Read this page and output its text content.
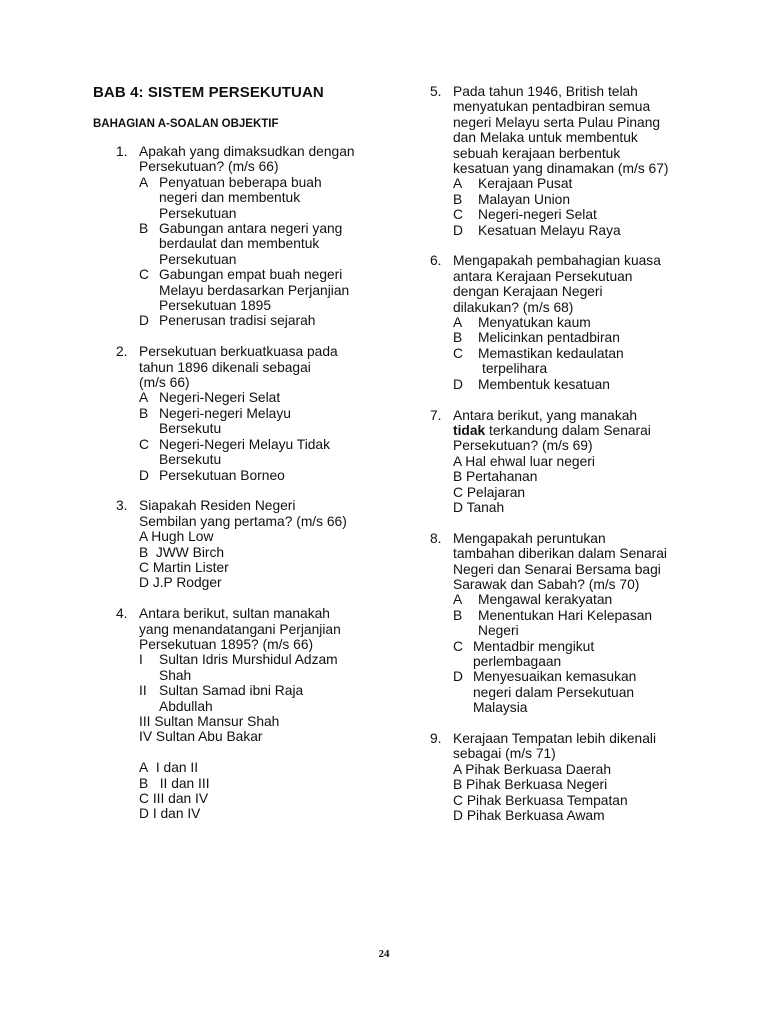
BAB 4: SISTEM PERSEKUTUAN
BAHAGIAN A-SOALAN OBJEKTIF
1. Apakah yang dimaksudkan dengan
Persekutuan? (m/s 66)
A Penyatuan beberapa buah
negeri dan membentuk
Persekutuan
B Gabungan antara negeri yang
berdaulat dan membentuk
Persekutuan
C Gabungan empat buah negeri
Melayu berdasarkan Perjanjian
Persekutuan 1895
D Penerusan tradisi sejarah
2. Persekutuan berkuatkuasa pada
tahun 1896 dikenali sebagai
(m/s 66)
A Negeri-Negeri Selat
B Negeri-negeri Melayu
Bersekutu
C Negeri-Negeri Melayu Tidak
Bersekutu
D Persekutuan Borneo
3. Siapakah Residen Negeri
Sembilan yang pertama? (m/s 66)
A Hugh Low
B JWW Birch
C Martin Lister
D J.P Rodger
4. Antara berikut, sultan manakah
yang menandatangani Perjanjian
Persekutuan 1895? (m/s 66)
I Sultan Idris Murshidul Adzam
Shah
II Sultan Samad ibni Raja
Abdullah
III Sultan Mansur Shah
IV Sultan Abu Bakar
A I dan II
B II dan III
C III dan IV
D I dan IV
5. Pada tahun 1946, British telah
menyatukan pentadbiran semua
negeri Melayu serta Pulau Pinang
dan Melaka untuk membentuk
sebuah kerajaan berbentuk
kesatuan yang dinamakan (m/s 67)
A Kerajaan Pusat
B Malayan Union
C Negeri-negeri Selat
D Kesatuan Melayu Raya
6. Mengapakah pembahagian kuasa
antara Kerajaan Persekutuan
dengan Kerajaan Negeri
dilakukan? (m/s 68)
A Menyatukan kaum
B Melicinkan pentadbiran
C Memastikan kedaulatan
terpelihara
D Membentuk kesatuan
7. Antara berikut, yang manakah
tidak terkandung dalam Senarai
Persekutuan? (m/s 69)
A Hal ehwal luar negeri
B Pertahanan
C Pelajaran
D Tanah
8. Mengapakah peruntukan
tambahan diberikan dalam Senarai
Negeri dan Senarai Bersama bagi
Sarawak dan Sabah? (m/s 70)
A Mengawal kerakyatan
B Menentukan Hari Kelepasan
Negeri
C Mentadbir mengikut
perlembagaan
D Menyesuaikan kemasukan
negeri dalam Persekutuan
Malaysia
9. Kerajaan Tempatan lebih dikenali
sebagai (m/s 71)
A Pihak Berkuasa Daerah
B Pihak Berkuasa Negeri
C Pihak Berkuasa Tempatan
D Pihak Berkuasa Awam
24
